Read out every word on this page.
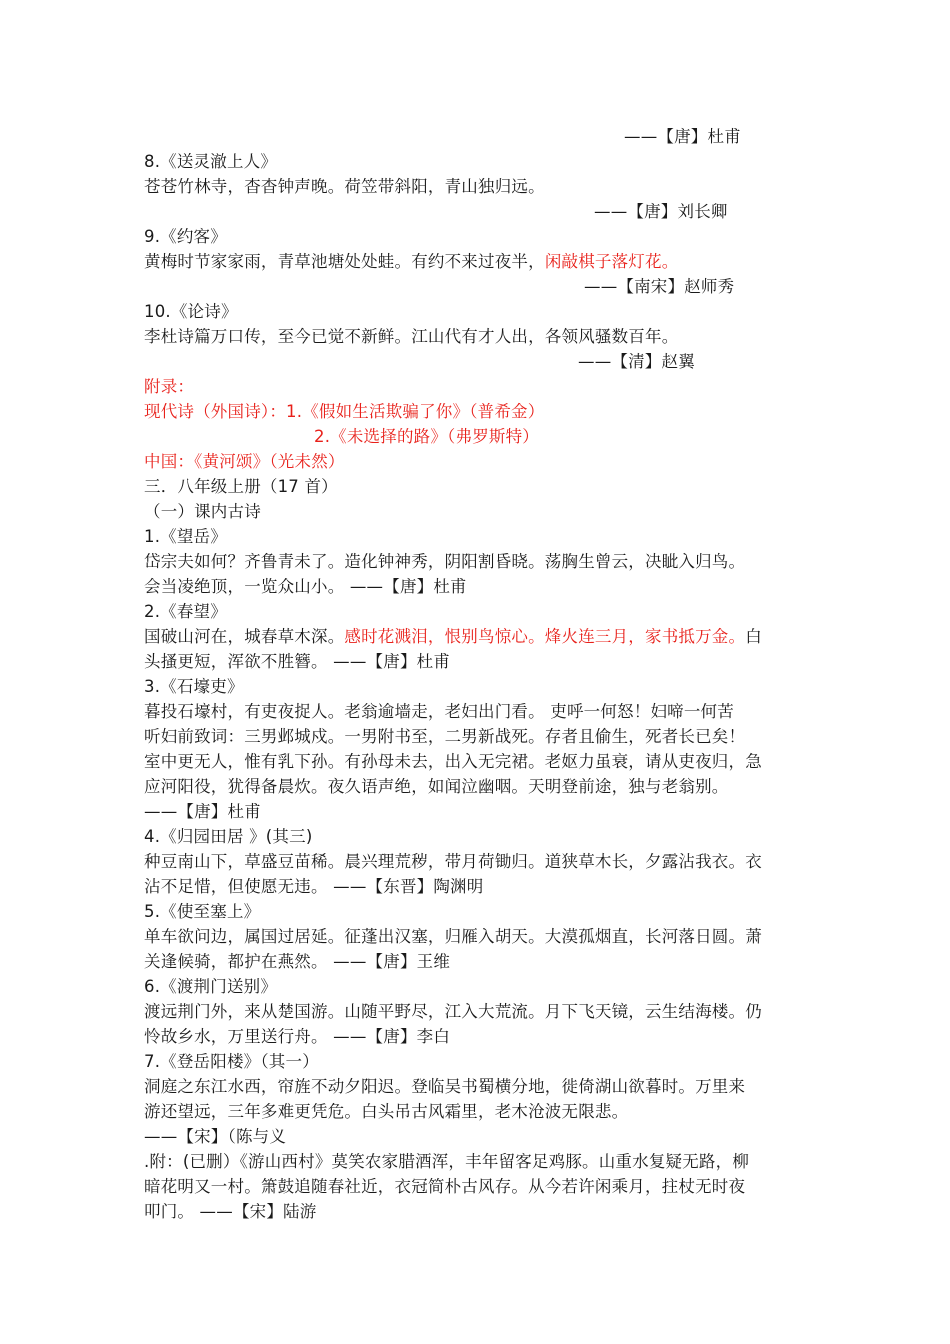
——【唐】杜甫
8.《送灵澈上人》
苍苍竹林寺，杳杳钟声晚。荷笠带斜阳，青山独归远。
——【唐】刘长卿
9.《约客》
黄梅时节家家雨，青草池塘处处蛙。有约不来过夜半，闲敲棋子落灯花。
——【南宋】赵师秀
10.《论诗》
李杜诗篇万口传，至今已觉不新鲜。江山代有才人出，各领风骚数百年。
——【清】赵翼
附录：
现代诗（外国诗）：1.《假如生活欺骗了你》（普希金）
2.《未选择的路》（弗罗斯特）
中国：《黄河颂》（光未然）
三．八年级上册（17 首）
（一）课内古诗
1.《望岳》
岱宗夫如何？齐鲁青未了。造化钟神秀，阴阳割昏晓。荡胸生曾云，决眦入归鸟。
会当凌绝顶，一览众山小。 ——【唐】杜甫
2.《春望》
国破山河在，城春草木深。感时花溅泪，恨别鸟惊心。烽火连三月，家书抵万金。白
头搔更短，浑欲不胜簪。 ——【唐】杜甫
3.《石壕吏》
暮投石壕村，有吏夜捉人。老翁逾墙走，老妇出门看。 吏呼一何怒！妇啼一何苦
听妇前致词：三男邺城戍。一男附书至，二男新战死。存者且偷生，死者长已矣！
室中更无人，惟有乳下孙。有孙母未去，出入无完裙。老妪力虽衰，请从吏夜归，急
应河阳役，犹得备晨炊。夜久语声绝，如闻泣幽咽。天明登前途，独与老翁别。
——【唐】杜甫
4.《归园田居 》(其三)
种豆南山下，草盛豆苗稀。晨兴理荒秽，带月荷锄归。道狭草木长，夕露沾我衣。衣
沾不足惜，但使愿无违。 ——【东晋】陶渊明
5.《使至塞上》
单车欲问边，属国过居延。征蓬出汉塞，归雁入胡天。大漠孤烟直，长河落日圆。萧
关逢候骑，都护在燕然。 ——【唐】王维
6.《渡荆门送别》
渡远荆门外，来从楚国游。山随平野尽，江入大荒流。月下飞天镜，云生结海楼。仍
怜故乡水，万里送行舟。 ——【唐】李白
7.《登岳阳楼》（其一）
洞庭之东江水西，帘旌不动夕阳迟。登临吴书蜀横分地，徙倚湖山欲暮时。万里来
游还望远，三年多难更凭危。白头吊古风霜里，老木沧波无限悲。
——【宋】（陈与义
.附：(已删）《游山西村》莫笑农家腊酒浑，丰年留客足鸡豚。山重水复疑无路，柳
暗花明又一村。箫鼓追随春社近，衣冠简朴古风存。从今若许闲乘月，拄杖无时夜
叩门。 ——【宋】陆游
